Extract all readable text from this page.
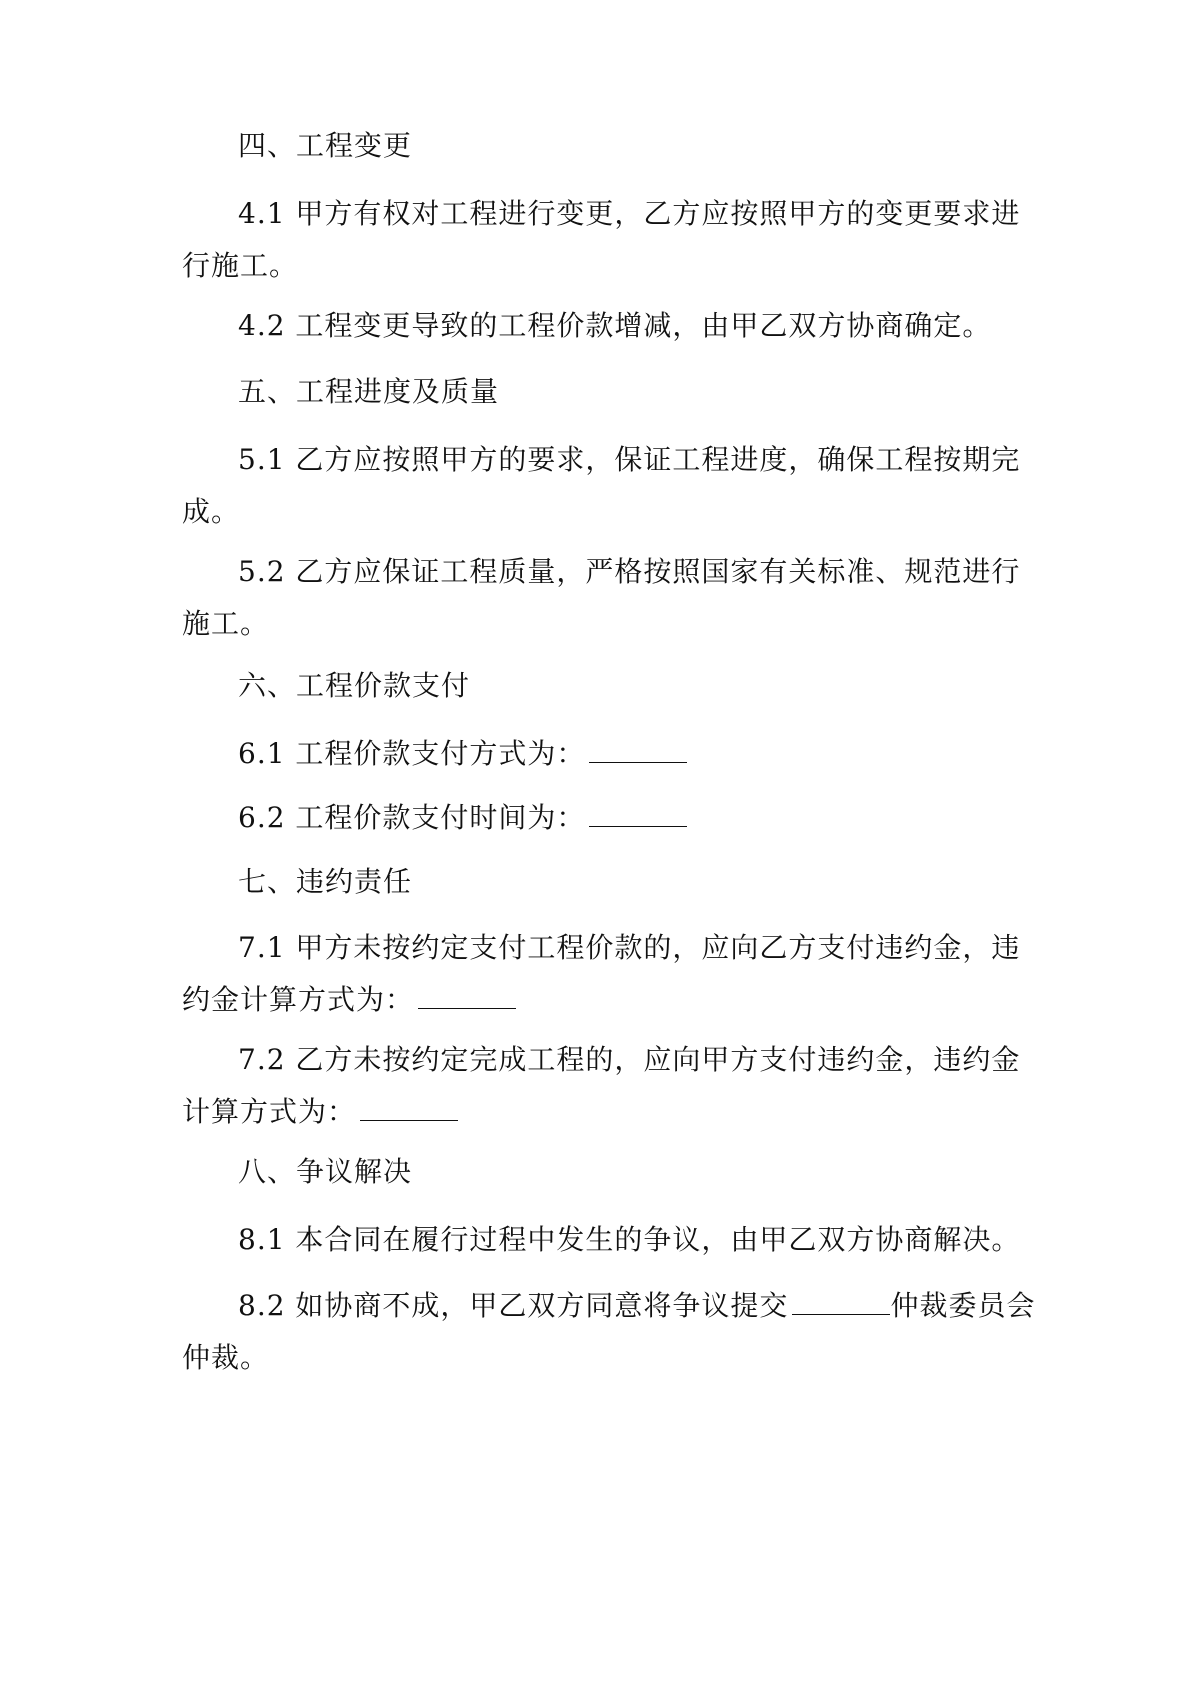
四、工程变更
4.1 甲方有权对工程进行变更，乙方应按照甲方的变更要求进
行施工。
4.2 工程变更导致的工程价款增减，由甲乙双方协商确定。
五、工程进度及质量
5.1 乙方应按照甲方的要求，保证工程进度，确保工程按期完
成。
5.2 乙方应保证工程质量，严格按照国家有关标准、规范进行
施工。
六、工程价款支付
6.1 工程价款支付方式为：
6.2 工程价款支付时间为：
七、违约责任
7.1 甲方未按约定支付工程价款的，应向乙方支付违约金，违
约金计算方式为：
7.2 乙方未按约定完成工程的，应向甲方支付违约金，违约金
计算方式为：
八、争议解决
8.1 本合同在履行过程中发生的争议，由甲乙双方协商解决。
8.2 如协商不成，甲乙双方同意将争议提交	仲裁委员会
仲裁。
